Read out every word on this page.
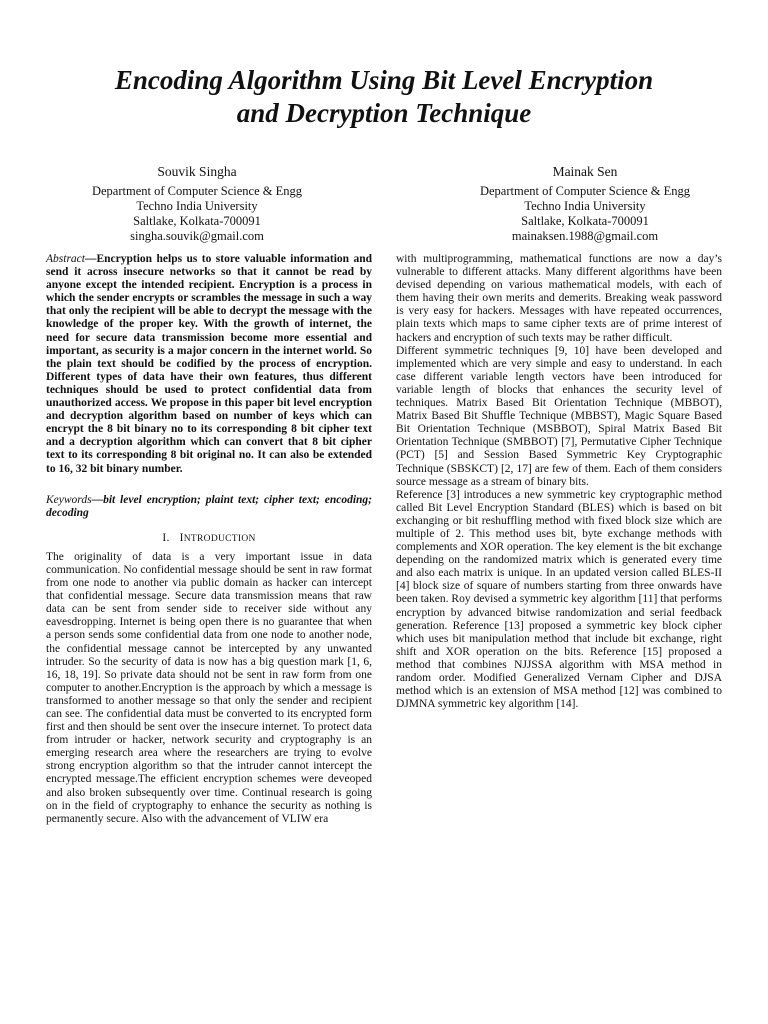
Encoding Algorithm Using Bit Level Encryption
and Decryption Technique
Souvik Singha
Department of Computer Science & Engg
Techno India University
Saltlake, Kolkata-700091
singha.souvik@gmail.com
Mainak Sen
Department of Computer Science & Engg
Techno India University
Saltlake, Kolkata-700091
mainaksen.1988@gmail.com

Abstract—Encryption helps us to store valuable information and send it across insecure networks so that it cannot be read by anyone except the intended recipient. Encryption is a process in which the sender encrypts or scrambles the message in such a way that only the recipient will be able to decrypt the message with the knowledge of the proper key. With the growth of internet, the need for secure data transmission become more essential and important, as security is a major concern in the internet world. So the plain text should be codified by the process of encryption. Different types of data have their own features, thus different techniques should be used to protect confidential data from unauthorized access. We propose in this paper bit level encryption and decryption algorithm based on number of keys which can encrypt the 8 bit binary no to its corresponding 8 bit cipher text and a decryption algorithm which can convert that 8 bit cipher text to its corresponding 8 bit original no. It can also be extended to 16, 32 bit binary number.

Keywords—bit level encryption; plaint text; cipher text; encoding; decoding

I. INTRODUCTION

The originality of data is a very important issue in data communication. No confidential message should be sent in raw format from one node to another via public domain as hacker can intercept that confidential message. Secure data transmission means that raw data can be sent from sender side to receiver side without any eavesdropping. Internet is being open there is no guarantee that when a person sends some confidential data from one node to another node, the confidential message cannot be intercepted by any unwanted intruder. So the security of data is now has a big question mark [1, 6, 16, 18, 19]. So private data should not be sent in raw form from one computer to another.Encryption is the approach by which a message is transformed to another message so that only the sender and recipient can see. The confidential data must be converted to its encrypted form first and then should be sent over the insecure internet. To protect data from intruder or hacker, network security and cryptography is an emerging research area where the researchers are trying to evolve strong encryption algorithm so that the intruder cannot intercept the encrypted message.The efficient encryption schemes were deveoped and also broken subsequently over time. Continual research is going on in the field of cryptography to enhance the security as nothing is permanently secure. Also with the advancement of VLIW era

with multiprogramming, mathematical functions are now a day’s vulnerable to different attacks. Many different algorithms have been devised depending on various mathematical models, with each of them having their own merits and demerits. Breaking weak password is very easy for hackers. Messages with have repeated occurrences, plain texts which maps to same cipher texts are of prime interest of hackers and encryption of such texts may be rather difficult.

Different symmetric techniques [9, 10] have been developed and implemented which are very simple and easy to understand. In each case different variable length vectors have been introduced for variable length of blocks that enhances the security level of techniques. Matrix Based Bit Orientation Technique (MBBOT), Matrix Based Bit Shuffle Technique (MBBST), Magic Square Based Bit Orientation Technique (MSBBOT), Spiral Matrix Based Bit Orientation Technique (SMBBOT) [7], Permutative Cipher Technique (PCT) [5] and Session Based Symmetric Key Cryptographic Technique (SBSKCT) [2, 17] are few of them. Each of them considers source message as a stream of binary bits.

Reference [3] introduces a new symmetric key cryptographic method called Bit Level Encryption Standard (BLES) which is based on bit exchanging or bit reshuffling method with fixed block size which are multiple of 2. This method uses bit, byte exchange methods with complements and XOR operation. The key element is the bit exchange depending on the randomized matrix which is generated every time and also each matrix is unique. In an updated version called BLES-II [4] block size of square of numbers starting from three onwards have been taken. Roy devised a symmetric key algorithm [11] that performs encryption by advanced bitwise randomization and serial feedback generation. Reference [13] proposed a symmetric key block cipher which uses bit manipulation method that include bit exchange, right shift and XOR operation on the bits. Reference [15] proposed a method that combines NJJSSA algorithm with MSA method in random order. Modified Generalized Vernam Cipher and DJSA method which is an extension of MSA method [12] was combined to DJMNA symmetric key algorithm [14].
